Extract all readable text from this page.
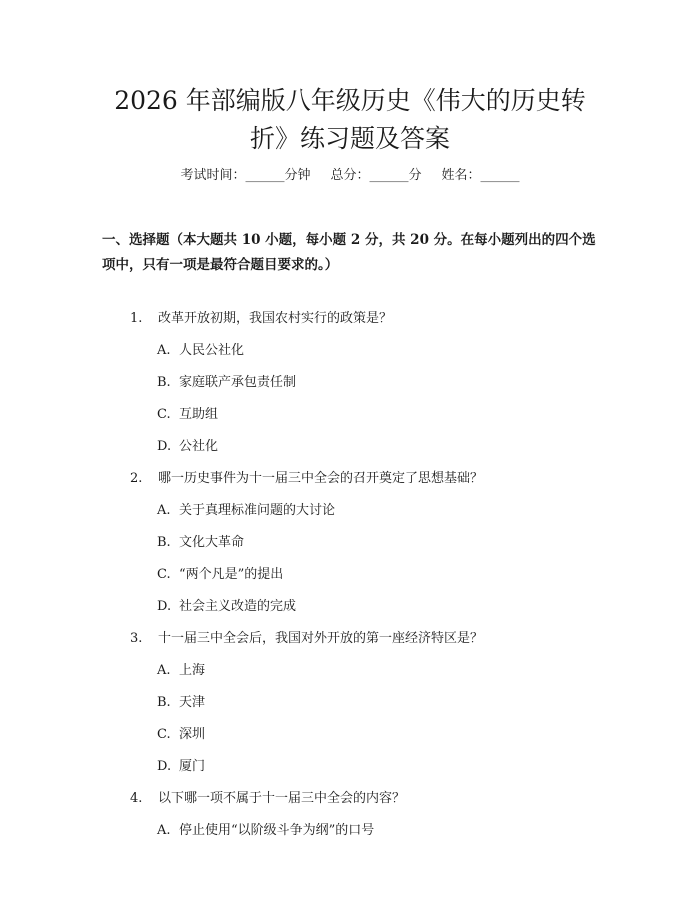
2026 年部编版八年级历史《伟大的历史转
折》练习题及答案
考试时间：______分钟 总分：______分 姓名：______

一、选择题（本大题共 10 小题，每小题 2 分，共 20 分。在每小题列出的四个选项中，只有一项是最符合题目要求的。）

1. 改革开放初期，我国农村实行的政策是？
A. 人民公社化
B. 家庭联产承包责任制
C. 互助组
D. 公社化
2. 哪一历史事件为十一届三中全会的召开奠定了思想基础？
A. 关于真理标准问题的大讨论
B. 文化大革命
C. “两个凡是”的提出
D. 社会主义改造的完成
3. 十一届三中全会后，我国对外开放的第一座经济特区是？
A. 上海
B. 天津
C. 深圳
D. 厦门
4. 以下哪一项不属于十一届三中全会的内容？
A. 停止使用“以阶级斗争为纲”的口号
